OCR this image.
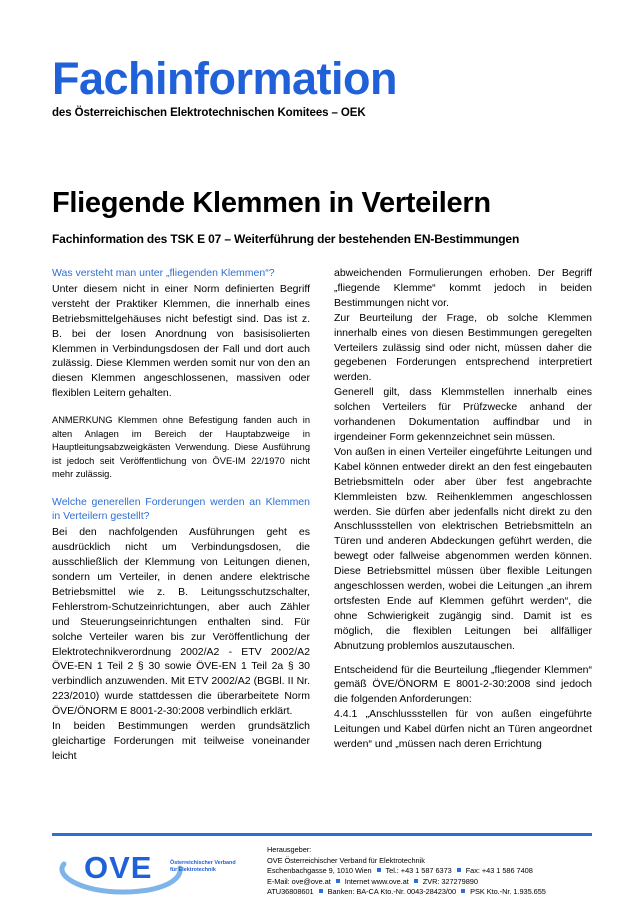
Fachinformation
des Österreichischen Elektrotechnischen Komitees – OEK
Fliegende Klemmen in Verteilern
Fachinformation des TSK E 07 – Weiterführung der bestehenden EN-Bestimmungen

Was versteht man unter „fliegenden Klemmen“?

Unter diesem nicht in einer Norm definierten Begriff versteht der Praktiker Klemmen, die innerhalb eines Betriebsmittelgehäuses nicht befestigt sind. Das ist z. B. bei der losen Anordnung von basisisolierten Klemmen in Verbindungsdosen der Fall und dort auch zulässig. Diese Klemmen werden somit nur von den an diesen Klemmen angeschlossenen, massiven oder flexiblen Leitern gehalten.

ANMERKUNG Klemmen ohne Befestigung fanden auch in alten Anlagen im Bereich der Hauptabzweige in Hauptleitungsabzweigkästen Verwendung. Diese Ausführung ist jedoch seit Veröffentlichung von ÖVE-IM 22/1970 nicht mehr zulässig.

Welche generellen Forderungen werden an Klemmen in Verteilern gestellt?

Bei den nachfolgenden Ausführungen geht es ausdrücklich nicht um Verbindungsdosen, die ausschließlich der Klemmung von Leitungen dienen, sondern um Verteiler, in denen andere elektrische Betriebsmittel wie z. B. Leitungsschutzschalter, Fehlerstrom-Schutzeinrichtungen, aber auch Zähler und Steuerungseinrichtungen enthalten sind. Für solche Verteiler waren bis zur Veröffentlichung der Elektrotechnikverordnung 2002/A2 - ETV 2002/A2 ÖVE-EN 1 Teil 2 § 30 sowie ÖVE-EN 1 Teil 2a § 30 verbindlich anzuwenden. Mit ETV 2002/A2 (BGBl. II Nr. 223/2010) wurde stattdessen die überarbeitete Norm ÖVE/ÖNORM E 8001-2-30:2008 verbindlich erklärt.

In beiden Bestimmungen werden grundsätzlich gleichartige Forderungen mit teilweise voneinander leicht

abweichenden Formulierungen erhoben. Der Begriff „fliegende Klemme“ kommt jedoch in beiden Bestimmungen nicht vor.

Zur Beurteilung der Frage, ob solche Klemmen innerhalb eines von diesen Bestimmungen geregelten Verteilers zulässig sind oder nicht, müssen daher die gegebenen Forderungen entsprechend interpretiert werden.

Generell gilt, dass Klemmstellen innerhalb eines solchen Verteilers für Prüfzwecke anhand der vorhandenen Dokumentation auffindbar und in irgendeiner Form gekennzeichnet sein müssen.

Von außen in einen Verteiler eingeführte Leitungen und Kabel können entweder direkt an den fest eingebauten Betriebsmitteln oder aber über fest angebrachte Klemmleisten bzw. Reihenklemmen angeschlossen werden. Sie dürfen aber jedenfalls nicht direkt zu den Anschlussstellen von elektrischen Betriebsmitteln an Türen und anderen Abdeckungen geführt werden, die bewegt oder fallweise abgenommen werden können. Diese Betriebsmittel müssen über flexible Leitungen angeschlossen werden, wobei die Leitungen „an ihrem ortsfesten Ende auf Klemmen geführt werden“, die ohne Schwierigkeit zugängig sind. Damit ist es möglich, die flexiblen Leitungen bei allfälliger Abnutzung problemlos auszutauschen.

Entscheidend für die Beurteilung „fliegender Klemmen“ gemäß ÖVE/ÖNORM E 8001-2-30:2008 sind jedoch die folgenden Anforderungen:

4.4.1 „Anschlussstellen für von außen eingeführte Leitungen und Kabel dürfen nicht an Türen angeordnet werden“ und „müssen nach deren Errichtung

OVE	Österreichischer Verband
für Elektrotechnik
Herausgeber:
OVE Österreichischer Verband für Elektrotechnik
Eschenbachgasse 9, 1010 Wien Tel.: +43 1 587 6373 Fax: +43 1 586 7408
E-Mail: ove@ove.at Internet www.ove.at ZVR: 327279890
ATU36808601 Banken: BA-CA Kto.-Nr. 0043-28423/00 PSK Kto.-Nr. 1.935.655
